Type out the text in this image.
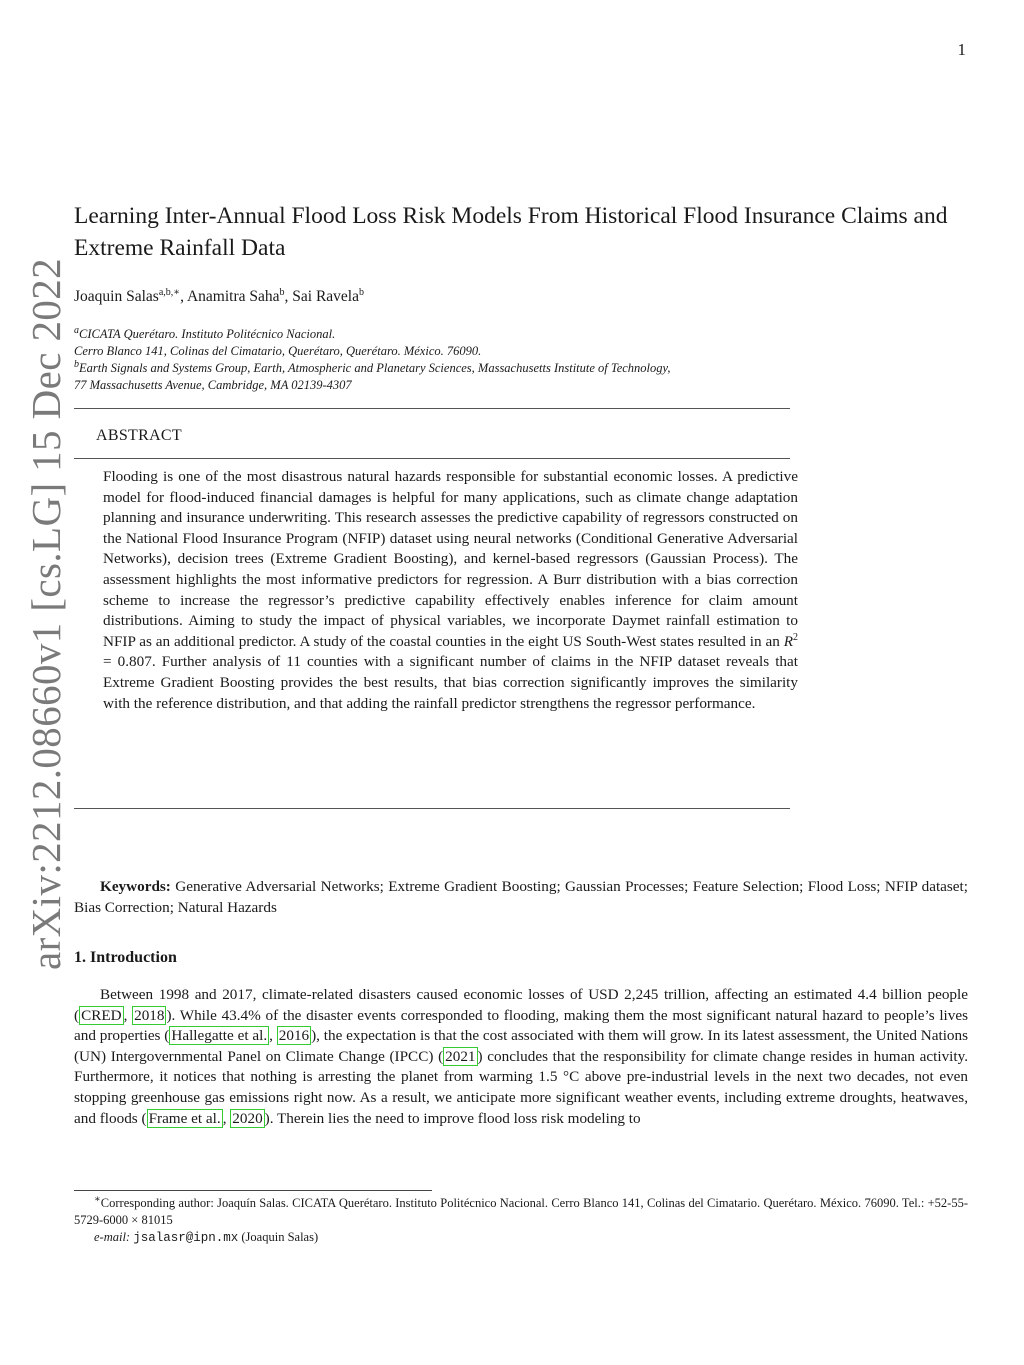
1
arXiv:2212.08660v1 [cs.LG] 15 Dec 2022
Learning Inter-Annual Flood Loss Risk Models From Historical Flood Insurance Claims and Extreme Rainfall Data
Joaquin Salas$^{a,b,∗}$, Anamitra Saha$^b$, Sai Ravela$^b$
$^a$CICATA Querétaro. Instituto Politécnico Nacional.
Cerro Blanco 141, Colinas del Cimatario, Querétaro, Querétaro. México. 76090.
$^b$Earth Signals and Systems Group, Earth, Atmospheric and Planetary Sciences, Massachusetts Institute of Technology,
77 Massachusetts Avenue, Cambridge, MA 02139-4307
ABSTRACT
Flooding is one of the most disastrous natural hazards responsible for substantial economic losses. A predictive model for flood-induced financial damages is helpful for many applications, such as climate change adaptation planning and insurance underwriting. This research assesses the predictive capability of regressors constructed on the National Flood Insurance Program (NFIP) dataset using neural networks (Conditional Generative Adversarial Networks), decision trees (Extreme Gradient Boosting), and kernel-based regressors (Gaussian Process). The assessment highlights the most informative predictors for regression. A Burr distribution with a bias correction scheme to increase the regressor’s predictive capability effectively enables inference for claim amount distributions. Aiming to study the impact of physical variables, we incorporate Daymet rainfall estimation to NFIP as an additional predictor. A study of the coastal counties in the eight US South-West states resulted in an $R^2 = 0.807$. Further analysis of 11 counties with a significant number of claims in the NFIP dataset reveals that Extreme Gradient Boosting provides the best results, that bias correction significantly improves the similarity with the reference distribution, and that adding the rainfall predictor strengthens the regressor performance.
Keywords: Generative Adversarial Networks; Extreme Gradient Boosting; Gaussian Processes; Feature Selection; Flood Loss; NFIP dataset; Bias Correction; Natural Hazards
1. Introduction
Between 1998 and 2017, climate-related disasters caused economic losses of USD 2,245 trillion, affecting an estimated 4.4 billion people ( CRED , 2018 ). While 43.4% of the disaster events corresponded to flooding, making them the most significant natural hazard to people’s lives and properties ( Hallegatte et al. , 2016 ), the expectation is that the cost associated with them will grow. In its latest assessment, the United Nations (UN) Intergovernmental Panel on Climate Change (IPCC) ( 2021 ) concludes that the responsibility for climate change resides in human activity. Furthermore, it notices that nothing is arresting the planet from warming 1.5 °C above pre-industrial levels in the next two decades, not even stopping greenhouse gas emissions right now. As a result, we anticipate more significant weather events, including extreme droughts, heatwaves, and floods ( Frame et al. , 2020 ). Therein lies the need to improve flood loss risk modeling to
∗Corresponding author: Joaquín Salas. CICATA Querétaro. Instituto Politécnico Nacional. Cerro Blanco 141, Colinas del Cimatario. Querétaro. México. 76090. Tel.: +52-55-5729-6000 × 81015
e-mail: jsalasr@ipn.mx (Joaquin Salas)
